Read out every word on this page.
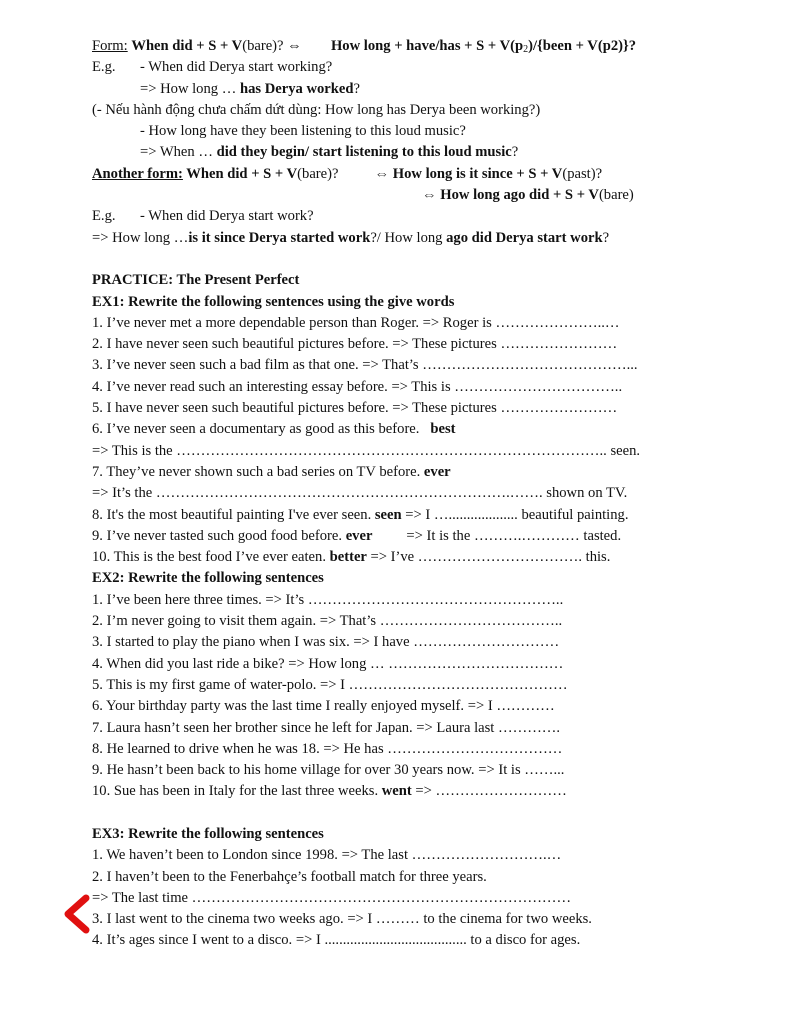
Form: When did + S + V(bare)? ⇔ How long + have/has + $S + V(p_2)/\{been + V(p2)\}$?
E.g. - When did Derya start working?
=> How long … has Derya worked?
(- Nếu hành động chưa chấm dứt dùng: How long has Derya been working?)
- How long have they been listening to this loud music?
=> When … did they begin/ start listening to this loud music?
Another form: When did + S + V(bare)? ⇔ How long is it since + S + V(past)?
⇔ How long ago did + S + V(bare)
E.g. - When did Derya start work?
=> How long …is it since Derya started work?/ How long ago did Derya start work?
PRACTICE: The Present Perfect
EX1: Rewrite the following sentences using the give words
1. I’ve never met a more dependable person than Roger. => Roger is …………………..…
2. I have never seen such beautiful pictures before. => These pictures ……………………
3. I’ve never seen such a bad film as that one. => That’s ……………………………………...
4. I’ve never read such an interesting essay before. => This is ……………………………..
5. I have never seen such beautiful pictures before. => These pictures ……………………
6. I’ve never seen a documentary as good as this before.   best
=> This is the …………………………………………………………………………….. seen.
7. They’ve never shown such a bad series on TV before. ever
=> It’s the ……………………………………………………………….……. shown on TV.
8. It's the most beautiful painting I've ever seen. seen => I …................... beautiful painting.
9. I’ve never tasted such good food before. ever => It is the ……….………… tasted.
10. This is the best food I’ve ever eaten. better => I’ve ……………………………. this.
EX2: Rewrite the following sentences
1. I’ve been here three times. => It’s ……………………………………………..
2. I’m never going to visit them again. => That’s ………………………………..
3. I started to play the piano when I was six. => I have …………………………
4. When did you last ride a bike? => How long … ………………………………
5. This is my first game of water-polo. => I ………………………………………
6. Your birthday party was the last time I really enjoyed myself. => I …………
7. Laura hasn’t seen her brother since he left for Japan. => Laura last ………….
8. He learned to drive when he was 18. => He has ………………………………
9. He hasn’t been back to his home village for over 30 years now. => It is ……...
10. Sue has been in Italy for the last three weeks. went => ………………………
EX3: Rewrite the following sentences
1. We haven’t been to London since 1998. => The last ……………………….…
2. I haven’t been to the Fenerbahçe’s football match for three years.
=> The last time ……………………………………………………………………
3. I last went to the cinema two weeks ago. => I ……… to the cinema for two weeks.
4. It’s ages since I went to a disco. => I ....................................... to a disco for ages.
